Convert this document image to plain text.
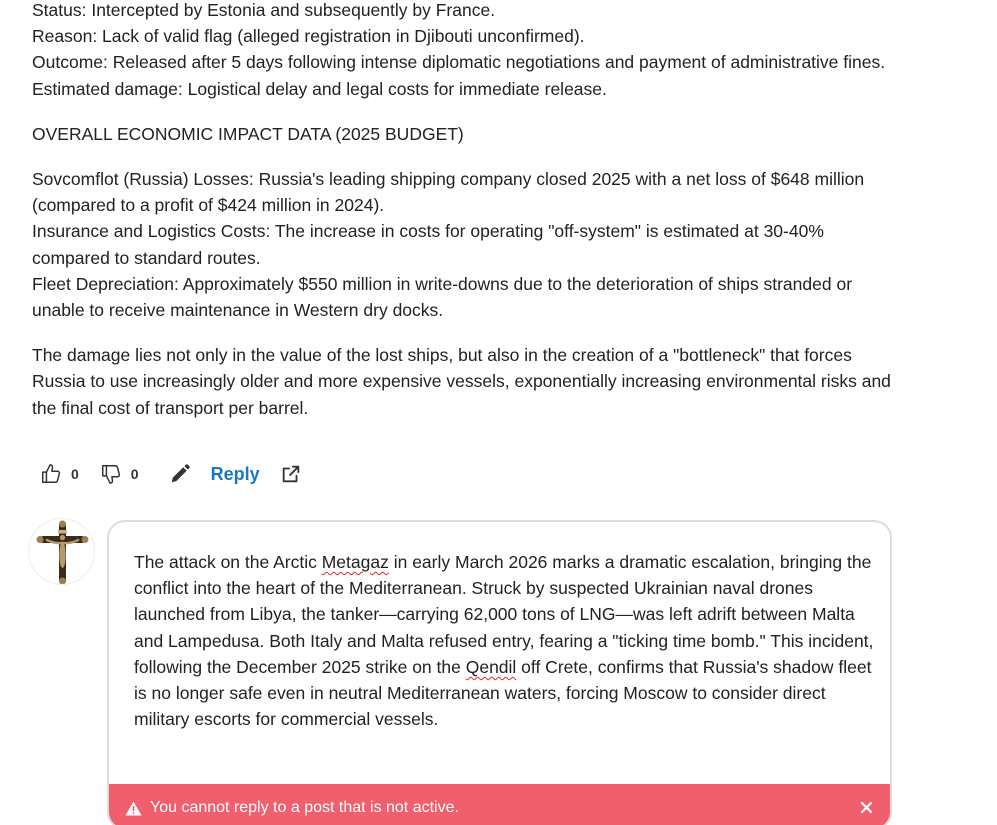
Status: Intercepted by Estonia and subsequently by France.

Reason: Lack of valid flag (alleged registration in Djibouti unconfirmed).

Outcome: Released after 5 days following intense diplomatic negotiations and payment of administrative fines.

Estimated damage: Logistical delay and legal costs for immediate release.

OVERALL ECONOMIC IMPACT DATA (2025 BUDGET)

Sovcomflot (Russia) Losses: Russia's leading shipping company closed 2025 with a net loss of $648 million (compared to a profit of $424 million in 2024).

Insurance and Logistics Costs: The increase in costs for operating "off-system" is estimated at 30-40% compared to standard routes.

Fleet Depreciation: Approximately $550 million in write-downs due to the deterioration of ships stranded or unable to receive maintenance in Western dry docks.

The damage lies not only in the value of the lost ships, but also in the creation of a "bottleneck" that forces Russia to use increasingly older and more expensive vessels, exponentially increasing environmental risks and the final cost of transport per barrel.

0	0	Reply

The attack on the Arctic Metagaz in early March 2026 marks a dramatic escalation, bringing the conflict into the heart of the Mediterranean. Struck by suspected Ukrainian naval drones launched from Libya, the tanker—carrying 62,000 tons of LNG—was left adrift between Malta and Lampedusa. Both Italy and Malta refused entry, fearing a "ticking time bomb." This incident, following the December 2025 strike on the Qendil off Crete, confirms that Russia's shadow fleet is no longer safe even in neutral Mediterranean waters, forcing Moscow to consider direct military escorts for commercial vessels.

You cannot reply to a post that is not active.
